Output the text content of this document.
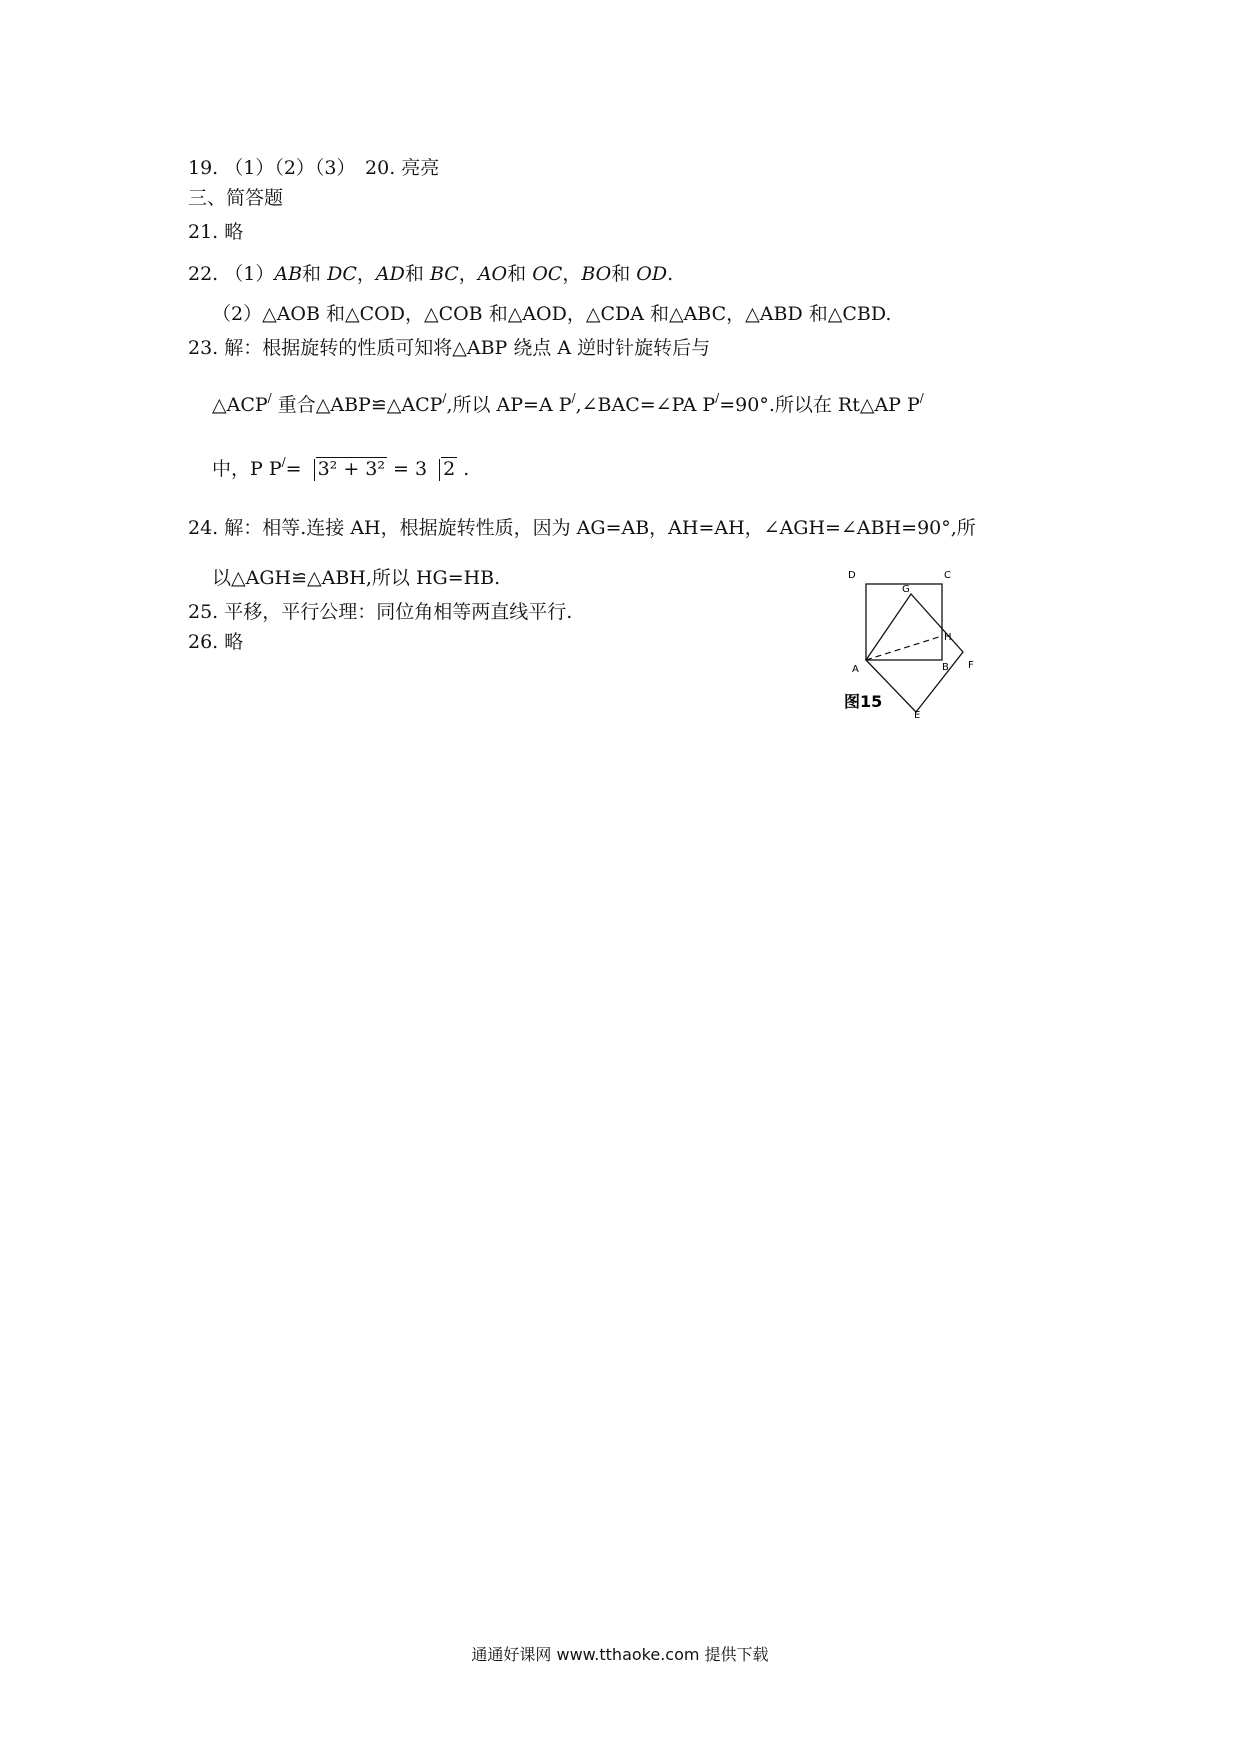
19. （1）（2）（3）　20. 亮亮
三、简答题
21. 略
22. （1）AB和 DC，AD和 BC，AO和 OC，BO和 OD.
（2）△AOB 和△COD，△COB 和△AOD，△CDA 和△ABC，△ABD 和△CBD.
23. 解：根据旋转的性质可知将△ABP 绕点 A 逆时针旋转后与
△ACP/ 重合△ABP≌△ACP/,所以 AP=A P/,∠BAC=∠PA P/=90°.所以在 Rt△AP P/
中，P P/= 3² + 3² = 3 2 .
24. 解：相等.连接 AH，根据旋转性质，因为 AG=AB，AH=AH，∠AGH=∠ABH=90°,所
以△AGH≌△ABH,所以 HG=HB.
25. 平移，平行公理：同位角相等两直线平行.
26. 略
D	C
G
H
A	B F
E
图15
通通好课网 www.tthaoke.com 提供下载
